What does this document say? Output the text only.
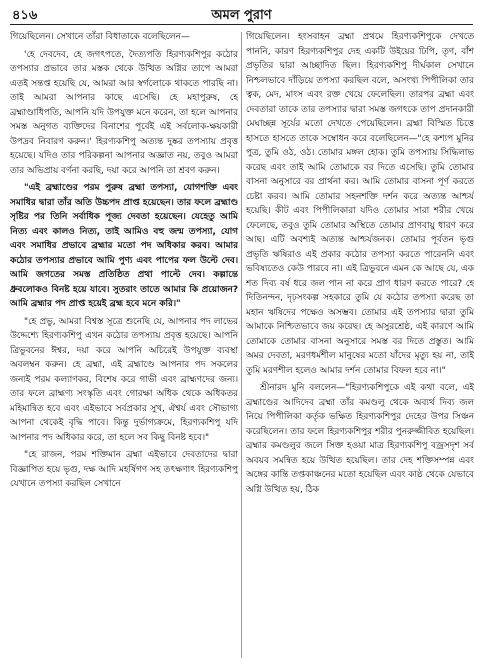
৪১৬	অমল পুরাণ

গিয়েছিলেন। সেখানে তাঁরা বিধাতাকে বলেছিলেন—

'হে দেবদেব, হে জগৎপতে, দৈত্যপতি হিরণ্যকশিপুর কঠোর তপস্যার প্রভাবে তার মস্তক থেকে উত্থিত অগ্নির তাপে আমরা এতই সন্তপ্ত হয়েছি যে, আমরা আর স্বর্গলোকে থাকতে পারছি না। তাই আমরা আপনার কাছে এসেছি। হে মহাপুরুষ, হে ব্রহ্মাণ্ডাধিপতি, আপনি যদি উপযুক্ত মনে করেন, তা হলে আপনার সমস্ত অনুগত ব্যক্তিদের বিনাশের পূর্বেই এই সর্বলোক-ক্ষয়কারী উপদ্রব নিবারণ করুন।' হিরণ্যকশিপু অত্যন্ত দুষ্কর তপস্যায় প্রবৃত্ত হয়েছে। যদিও তার পরিকল্পনা আপনার অজ্ঞাত নয়, তবুও আমরা তার অভিপ্রায় বর্ণনা করছি, দয়া করে আপনি তা শ্রবণ করুন।

"এই ব্রহ্মাণ্ডের পরম পুরুষ ব্রহ্মা তপস্যা, যোগশক্তি এবং সমাধির দ্বারা তাঁর অতি উচ্চপদ প্রাপ্ত হয়েছেন। তার ফলে ব্রহ্মাণ্ড সৃষ্টির পর তিনি সর্বাধিক পূজ্য দেবতা হয়েছেন। যেহেতু আমি নিত্য এবং কালও নিত্য, তাই আমিও বহু জন্ম তপস্যা, যোগ এবং সমাধির প্রভাবে ব্রহ্মার মতো পদ অধিকার করব। আমার কঠোর তপস্যার প্রভাবে আমি পুণ্য এবং পাপের ফল উল্টে দেব। আমি জগতের সমস্ত প্রতিষ্ঠিত প্রথা পাল্টে দেব। কল্পান্তে ধ্রুবলোকও বিনষ্ট হয়ে যাবে। সুতরাং তাতে আমার কি প্রয়োজন? আমি ব্রহ্মার পদ প্রাপ্ত হয়েই ব্রহ্ম হবে মনে করি।"

"হে প্রভু, আমরা বিশ্বস্ত সূত্রে শুনেছি যে, আপনার পদ লাভের উদ্দেশ্যে হিরণ্যকশিপু এখন কঠোর তপস্যায় প্রবৃত্ত হয়েছে। আপনি ত্রিভুবনের ঈশ্বর, দয়া করে আপনি অচিরেই উপযুক্ত ব্যবস্থা অবলম্বন করুন। হে ব্রহ্মা, এই ব্রহ্মাণ্ডে আপনার পদ সকলের জন্যই পরম কল্যাণকর, বিশেষ করে গাভী এবং ব্রাহ্মণদের জন্য। তার ফলে ব্রাহ্মণ্য সংস্কৃতি এবং গোরক্ষা অধিক থেকে অধিকতর মহিমান্বিত হবে এবং এইভাবে সর্বপ্রকার সুখ, ঐশ্বর্য এবং সৌভাগ্য আপনা থেকেই বৃদ্ধি পাবে। কিন্তু দুর্ভাগ্যক্রমে, হিরণ্যকশিপু যদি আপনার পদ অধিকার করে, তা হলে সব কিছু বিনষ্ট হবে।"

"হে রাজন, পরম শক্তিমান ব্রহ্মা এইভাবে দেবতাদের দ্বারা বিজ্ঞাপিত হয়ে ভৃগু, দক্ষ আদি মহর্ষিগণ সহ তৎক্ষণাৎ হিরণ্যকশিপু যেখানে তপস্যা করছিল সেখানে

গিয়েছিলেন। হংসবাহন ব্রহ্মা প্রথমে হিরণ্যকশিপুকে দেখতে পাননি, কারণ হিরণ্যকশিপুর দেহ একটি উইয়ের ঢিপি, তৃণ, বাঁশ প্রভৃতির দ্বারা আচ্ছাদিত ছিল। হিরণ্যকশিপু দীর্ঘকাল সেখানে নিশ্চলভাবে দাঁড়িয়ে তপস্যা করছিল বলে, অসংখ্য পিপীলিকা তার ত্বক, মেদ, মাংস এবং রক্ত খেয়ে ফেলেছিল। তারপর ব্রহ্মা এবং দেবতারা তাকে তার তপস্যার দ্বারা সমস্ত জগৎকে তাপ প্রদানকারী মেঘাচ্ছন্ন সূর্যের মতো দেখতে পেয়েছিলেন। ব্রহ্মা বিস্মিত চিত্তে হাসতে হাসতে তাকে সম্বোধন করে বলেছিলেন—"হে কশ্যপ মুনির পুত্র, তুমি ওঠ, ওঠ। তোমার মঙ্গল হোক। তুমি তপস্যায় সিদ্ধিলাভ করেছ এবং তাই আমি তোমাকে বর দিতে এসেছি। তুমি তোমার বাসনা অনুসারে বর প্রার্থনা কর। আমি তোমার বাসনা পূর্ণ করতে চেষ্টা করব। আমি তোমার সহনশক্তি দর্শন করে অত্যন্ত আশ্চর্য হয়েছি। কীট এবং পিপীলিকারা যদিও তোমার সারা শরীর খেয়ে ফেলেছে, তবুও তুমি তোমার অস্থিতে তোমার প্রাণবায়ু ধারণ করে আছ। এটি অবশ্যই অত্যন্ত আশ্চর্যজনক। তোমার পূর্বতন ভৃগু প্রভৃতি ঋষিরাও এই প্রকার কঠোর তপস্যা করতে পারেননি এবং ভবিষ্যতেও কেউ পারবে না। এই ত্রিভুবনে এমন কে আছে যে, এক শত দিব্য বর্ষ ধরে জল পান না করে প্রাণ ধারণ করতে পারে? হে দিতিনন্দন, দৃঢ়সংকল্প সহকারে তুমি যে কঠোর তপস্যা করেছ তা মহান ঋষিদের পক্ষেও অসম্ভব। তোমার এই তপস্যার দ্বারা তুমি আমাকে নিশ্চিতভাবে জয় করেছ। হে অসুরশ্রেষ্ঠ, এই কারণে আমি তোমাকে তোমার বাসনা অনুসারে সমস্ত বর দিতে প্রস্তুত। আমি অমর দেবতা, মরণধর্মশীল মানুষের মতো যাঁদের মৃত্যু হয় না, তাই তুমি মরণশীল হলেও আমার দর্শন তোমার বিফল হবে না।"

শ্রীনারদ মুনি বললেন—"হিরণ্যকশিপুকে এই কথা বলে, এই ব্রহ্মাণ্ডের আদিদেব ব্রহ্মা তাঁর কমণ্ডলু থেকে অব্যর্থ দিব্য জল নিয়ে পিপীলিকা কর্তৃক ভক্ষিত হিরণ্যকশিপুর দেহের উপর সিঞ্চন করেছিলেন। তার ফলে হিরণ্যকশিপুর শরীর পুনরুজ্জীবিত হয়েছিল। ব্রহ্মার কমণ্ডলুর জলে সিক্ত হওয়া মাত্র হিরণ্যকশিপু বজ্রসদৃশ সর্ব অবয়ব সমন্বিত হয়ে উত্থিত হয়েছিল। তার দেহ শক্তিসম্পন্ন এবং অঙ্গের কান্তি তপ্তকাঞ্চনের মতো হয়েছিল এবং কাষ্ঠ থেকে যেভাবে অগ্নি উত্থিত হয়, ঠিক
